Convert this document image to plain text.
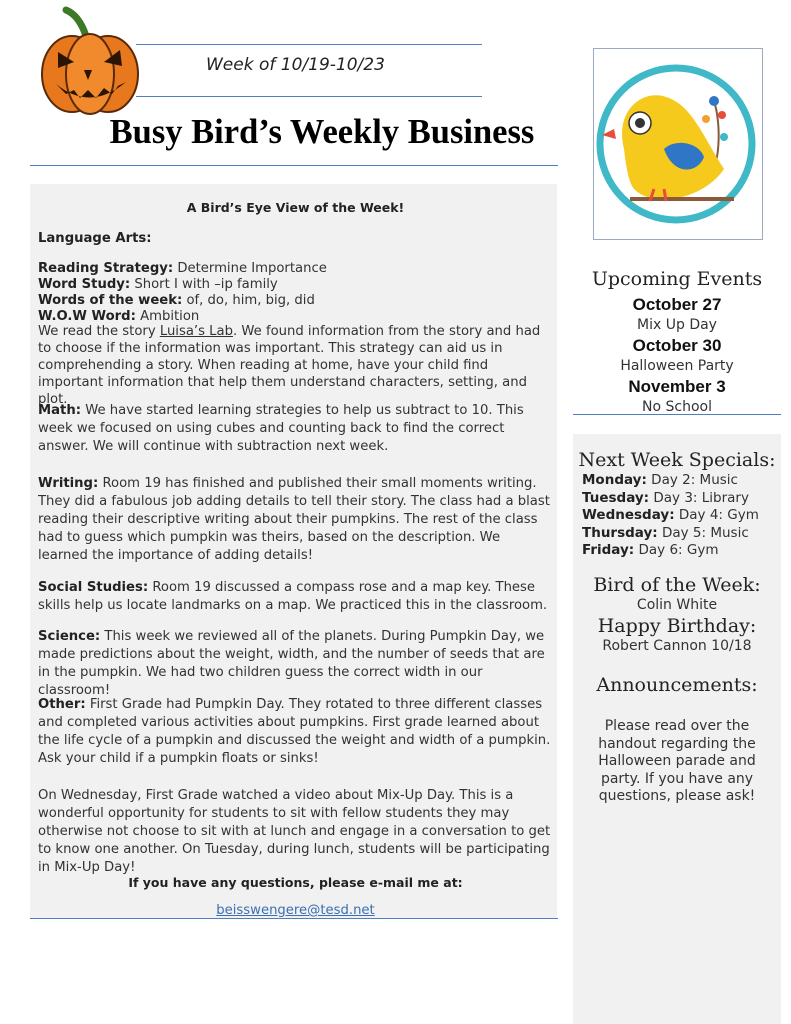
Week of 10/19-10/23
Busy Bird’s Weekly Business
A Bird’s Eye View of the Week!
Language Arts:
Reading Strategy: Determine Importance
Word Study: Short I with –ip family
Words of the week: of, do, him, big, did
W.O.W Word: Ambition
We read the story Luisa’s Lab. We found information from the story and had to choose if the information was important. This strategy can aid us in comprehending a story. When reading at home, have your child find important information that help them understand characters, setting, and plot.
Math: We have started learning strategies to help us subtract to 10. This week we focused on using cubes and counting back to find the correct answer. We will continue with subtraction next week.
Writing: Room 19 has finished and published their small moments writing. They did a fabulous job adding details to tell their story. The class had a blast reading their descriptive writing about their pumpkins. The rest of the class had to guess which pumpkin was theirs, based on the description. We learned the importance of adding details!
Social Studies: Room 19 discussed a compass rose and a map key. These skills help us locate landmarks on a map. We practiced this in the classroom.
Science: This week we reviewed all of the planets. During Pumpkin Day, we made predictions about the weight, width, and the number of seeds that are in the pumpkin. We had two children guess the correct width in our classroom!
Other: First Grade had Pumpkin Day. They rotated to three different classes and completed various activities about pumpkins. First grade learned about the life cycle of a pumpkin and discussed the weight and width of a pumpkin. Ask your child if a pumpkin floats or sinks!
On Wednesday, First Grade watched a video about Mix-Up Day. This is a wonderful opportunity for students to sit with fellow students they may otherwise not choose to sit with at lunch and engage in a conversation to get to know one another. On Tuesday, during lunch, students will be participating in Mix-Up Day!
If you have any questions, please e-mail me at:
beisswengere@tesd.net
Upcoming Events
October 27
Mix Up Day
October 30
Halloween Party
November 3
No School
Next Week Specials:
Monday: Day 2: Music
Tuesday: Day 3: Library
Wednesday: Day 4: Gym
Thursday: Day 5: Music
Friday: Day 6: Gym
Bird of the Week:
Colin White
Happy Birthday:
Robert Cannon 10/18
Announcements:
Please read over the handout regarding the Halloween parade and party. If you have any questions, please ask!
